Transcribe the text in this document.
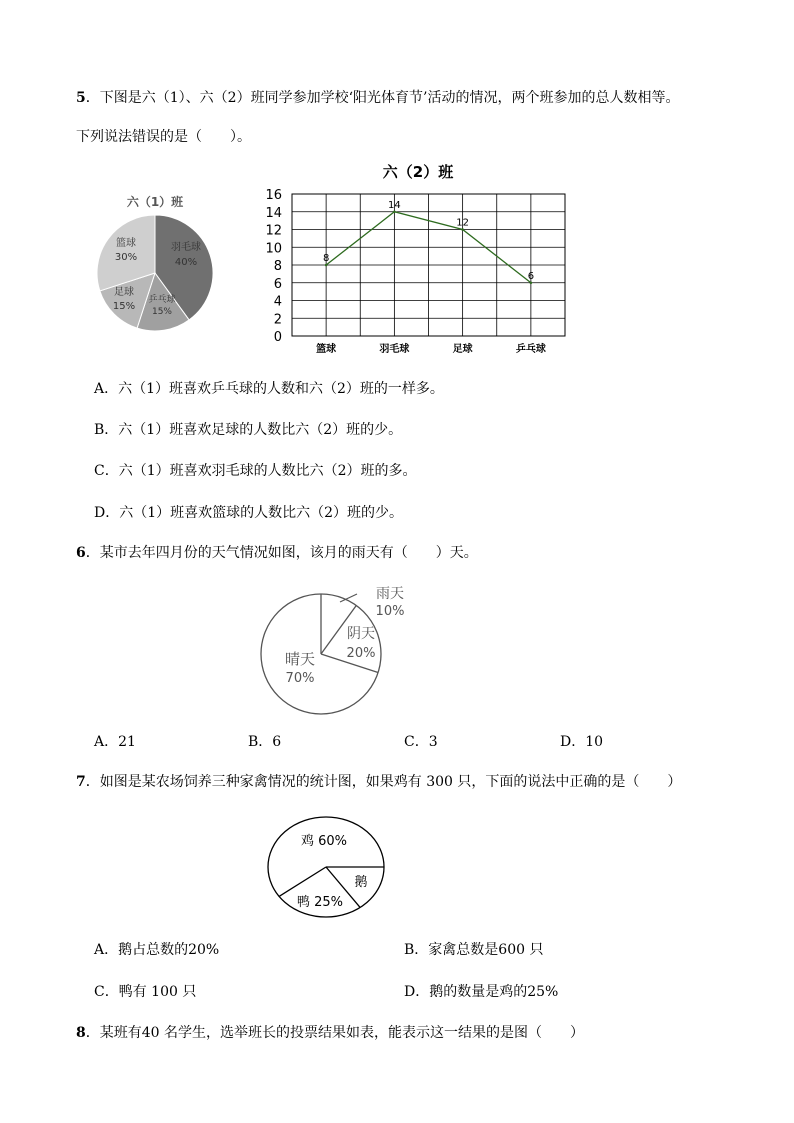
5．下图是六（1）、六（2）班同学参加学校‘阳光体育节’活动的情况，两个班参加的总人数相等。
下列说法错误的是（　　）。
六（1）班
羽毛球
40%
乒乓球
15%
足球
15%
篮球
30%
六（2）班
0
2
4
6
8
10
12
14
16
篮球	羽毛球	足球	乒乓球
8
14
12
6
A．六（1）班喜欢乒乓球的人数和六（2）班的一样多。
B．六（1）班喜欢足球的人数比六（2）班的少。
C．六（1）班喜欢羽毛球的人数比六（2）班的多。
D．六（1）班喜欢篮球的人数比六（2）班的少。
6．某市去年四月份的天气情况如图，该月的雨天有（　　）天。
雨天
10%
阴天
20%
晴天
70%
A．21	B．6	C．3	D．10
7．如图是某农场饲养三种家禽情况的统计图，如果鸡有 300 只，下面的说法中正确的是（　　）
鸡 60%
鹅
鸭 25%
A．鹅占总数的20%	B．家禽总数是600 只
C．鸭有 100 只	D．鹅的数量是鸡的25%
8．某班有40 名学生，选举班长的投票结果如表，能表示这一结果的是图（　　）
